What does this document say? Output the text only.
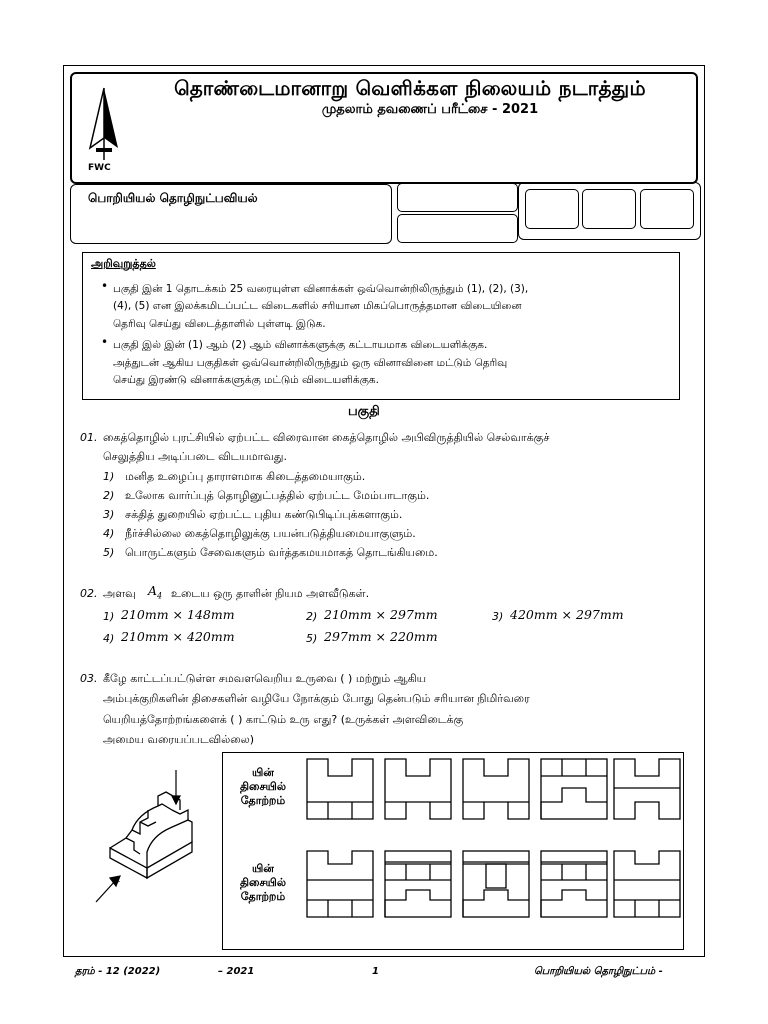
FWC
தொண்டைமானாறு வெளிக்கள நிலையம் நடாத்தும்
முதலாம் தவணைப் பரீட்சை - 2021
பொறியியல் தொழிநுட்பவியல்
அறிவுறுத்தல்
• பகுதி இன் 1 தொடக்கம் 25 வரையுள்ள வினாக்கள் ஒவ்வொன்றிலிருந்தும் (1), (2), (3),
(4), (5) என இலக்கமிடப்பட்ட விடைகளில் சரியான மிகப்பொருத்தமான விடையினை
தெரிவு செய்து விடைத்தாளில் புள்ளடி இடுக.
• பகுதி இல் இன் (1) ஆம் (2) ஆம் வினாக்களுக்கு கட்டாயமாக விடையளிக்குக.
அத்துடன் ஆகிய பகுதிகள் ஒவ்வொன்றிலிருந்தும் ஒரு வினாவினை மட்டும் தெரிவு
செய்து இரண்டு வினாக்களுக்கு மட்டும் விடையளிக்குக.
பகுதி
01. கைத்தொழில் புரட்சியில் ஏற்பட்ட விரைவான கைத்தொழில் அபிவிருத்தியில் செல்வாக்குச்
செலுத்திய அடிப்படை விடயமாவது.
1) மனித உழைப்பு தாராளமாக கிடைத்தமையாகும்.
2) உலோக வார்ப்புத் தொழினுட்பத்தில் ஏற்பட்ட மேம்பாடாகும்.
3) சக்தித் துறையில் ஏற்பட்ட புதிய கண்டுபிடிப்புக்களாகும்.
4) நீர்ச்சில்லை கைத்தொழிலுக்கு பயன்படுத்தியமையாகுளும்.
5) பொருட்களும் சேவைகளும் வர்த்தகமயமாகத் தொடங்கியமை.
02. அளவு $A_4$ உடைய ஒரு தாளின் நியம அளவீடுகள்.
1) 210mm × 148mm	2) 210mm × 297mm	3) 420mm × 297mm
4) 210mm × 420mm	5) 297mm × 220mm
03. கீழே காட்டப்பட்டுள்ள சமவளவெறிய உருவை ( ) மற்றும் ஆகிய
அம்புக்குறிகளின் திசைகளின் வழியே நோக்கும் போது தென்படும் சரியான நிமிர்வரை
யெறியத்தோற்றங்களைக் ( ) காட்டும் உரு எது? (உருக்கள் அளவிடைக்கு
அமைய வரையப்படவில்லை)
~
யின்
திசையில்
தோற்றம்
யின்
திசையில்
தோற்றம்
தரம் - 12 (2022)	– 2021	1	பொறியியல் தொழிநுட்பம் -
